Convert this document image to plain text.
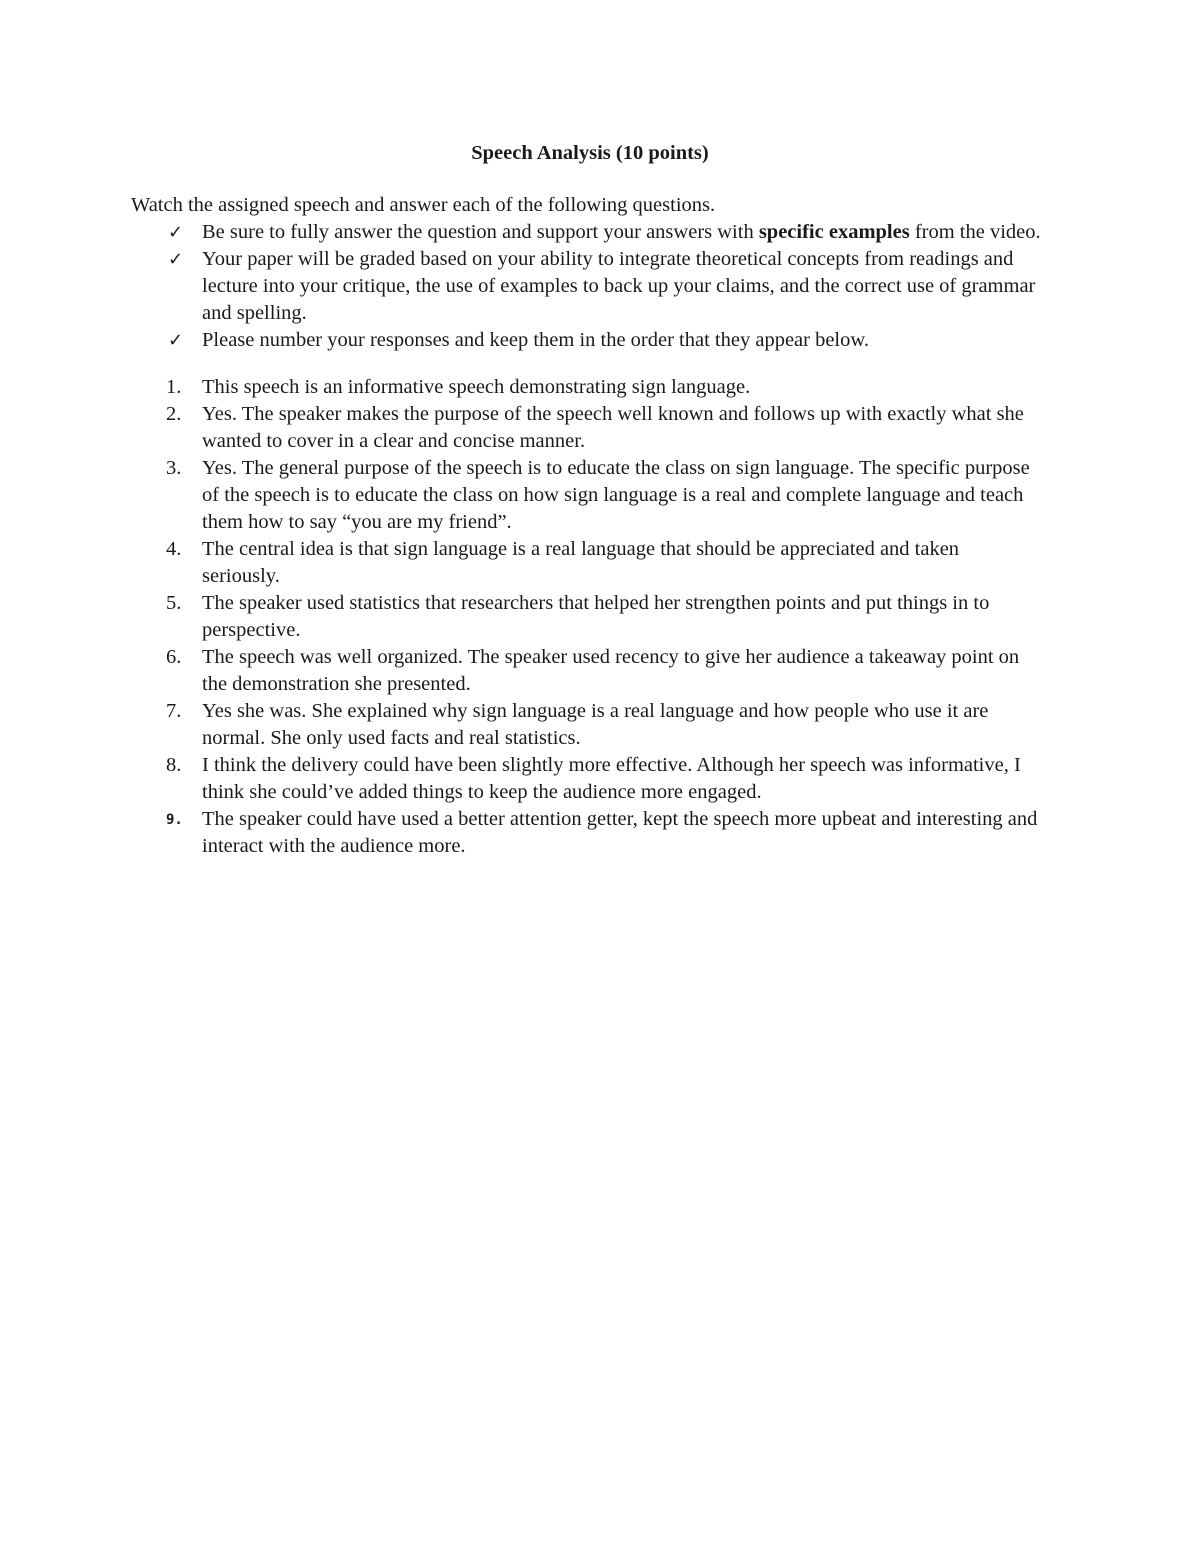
Speech Analysis (10 points)

Watch the assigned speech and answer each of the following questions.

✓ Be sure to fully answer the question and support your answers with specific examples from the video.
✓ Your paper will be graded based on your ability to integrate theoretical concepts from readings and lecture into your critique, the use of examples to back up your claims, and the correct use of grammar and spelling.
✓ Please number your responses and keep them in the order that they appear below.
1. This speech is an informative speech demonstrating sign language.
2. Yes. The speaker makes the purpose of the speech well known and follows up with exactly what she wanted to cover in a clear and concise manner.
3. Yes. The general purpose of the speech is to educate the class on sign language. The specific purpose of the speech is to educate the class on how sign language is a real and complete language and teach them how to say “you are my friend”.
4. The central idea is that sign language is a real language that should be appreciated and taken seriously.
5. The speaker used statistics that researchers that helped her strengthen points and put things in to perspective.
6. The speech was well organized. The speaker used recency to give her audience a takeaway point on the demonstration she presented.
7. Yes she was. She explained why sign language is a real language and how people who use it are normal. She only used facts and real statistics.
8. I think the delivery could have been slightly more effective. Although her speech was informative, I think she could’ve added things to keep the audience more engaged.
9. The speaker could have used a better attention getter, kept the speech more upbeat and interesting and interact with the audience more.
